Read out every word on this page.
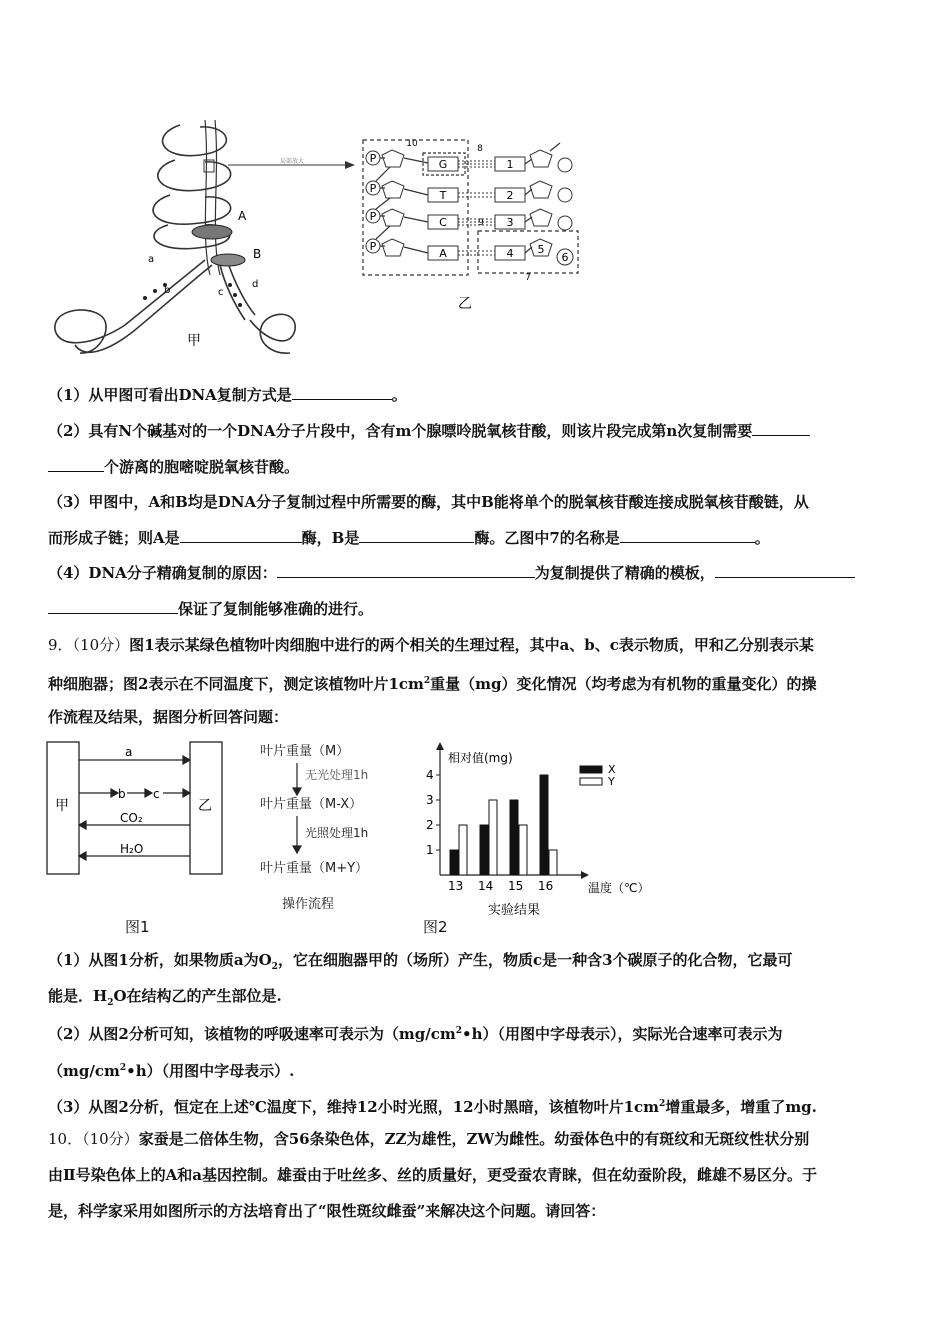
A
B
a
b	c
d
甲
局部放大	P	G	1
P
T	2
P	C	3
P
A	4 5
6
7
8
9
10
乙
（1）从甲图可看出DNA复制方式是	。
（2）具有N个碱基对的一个DNA分子片段中，含有m个腺嘌呤脱氧核苷酸，则该片段完成第n次复制需要
个游离的胞嘧啶脱氧核苷酸。
（3）甲图中，A和B均是DNA分子复制过程中所需要的酶，其中B能将单个的脱氧核苷酸连接成脱氧核苷酸链，从
而形成子链；则A是	酶，B是	酶。乙图中7的名称是	。
（4）DNA分子精确复制的原因：	为复制提供了精确的模板，
保证了复制能够准确的进行。
9．（10分）图1表示某绿色植物叶肉细胞中进行的两个相关的生理过程，其中a、b、c表示物质，甲和乙分别表示某
种细胞器；图2表示在不同温度下，测定该植物叶片$1cm^2$重量（mg）变化情况（均考虑为有机物的重量变化）的操
作流程及结果，据图分析回答问题：
甲	乙
a
b c
CO₂
H₂O
图1
叶片重量（M）
无光处理1h
叶片重量（M-X）
光照处理1h
叶片重量（M+Y）
操作流程
相对值(mg)
温度（℃）
1
2
3
4
13 14 15 16
X
Y
实验结果
图2
（1）从图1分析，如果物质a为$O_2$，它在细胞器甲的（场所）产生，物质c是一种含3个碳原子的化合物，它最可
能是．$H_2O$在结构乙的产生部位是.
（2）从图2分析可知，该植物的呼吸速率可表示为$(mg/cm^2•h)$（用图中字母表示），实际光合速率可表示为
$(mg/cm^2•h)$（用图中字母表示）.
（3）从图2分析，恒定在上述℃温度下，维持12小时光照，12小时黑暗，该植物叶片$1cm^2$增重最多，增重了mg.
10．（10分）家蚕是二倍体生物，含56条染色体，ZZ为雄性，ZW为雌性。幼蚕体色中的有斑纹和无斑纹性状分别
由Ⅱ号染色体上的A和a基因控制。雄蚕由于吐丝多、丝的质量好，更受蚕农青睐，但在幼蚕阶段，雌雄不易区分。于
是，科学家采用如图所示的方法培育出了“限性斑纹雌蚕”来解决这个问题。请回答：
